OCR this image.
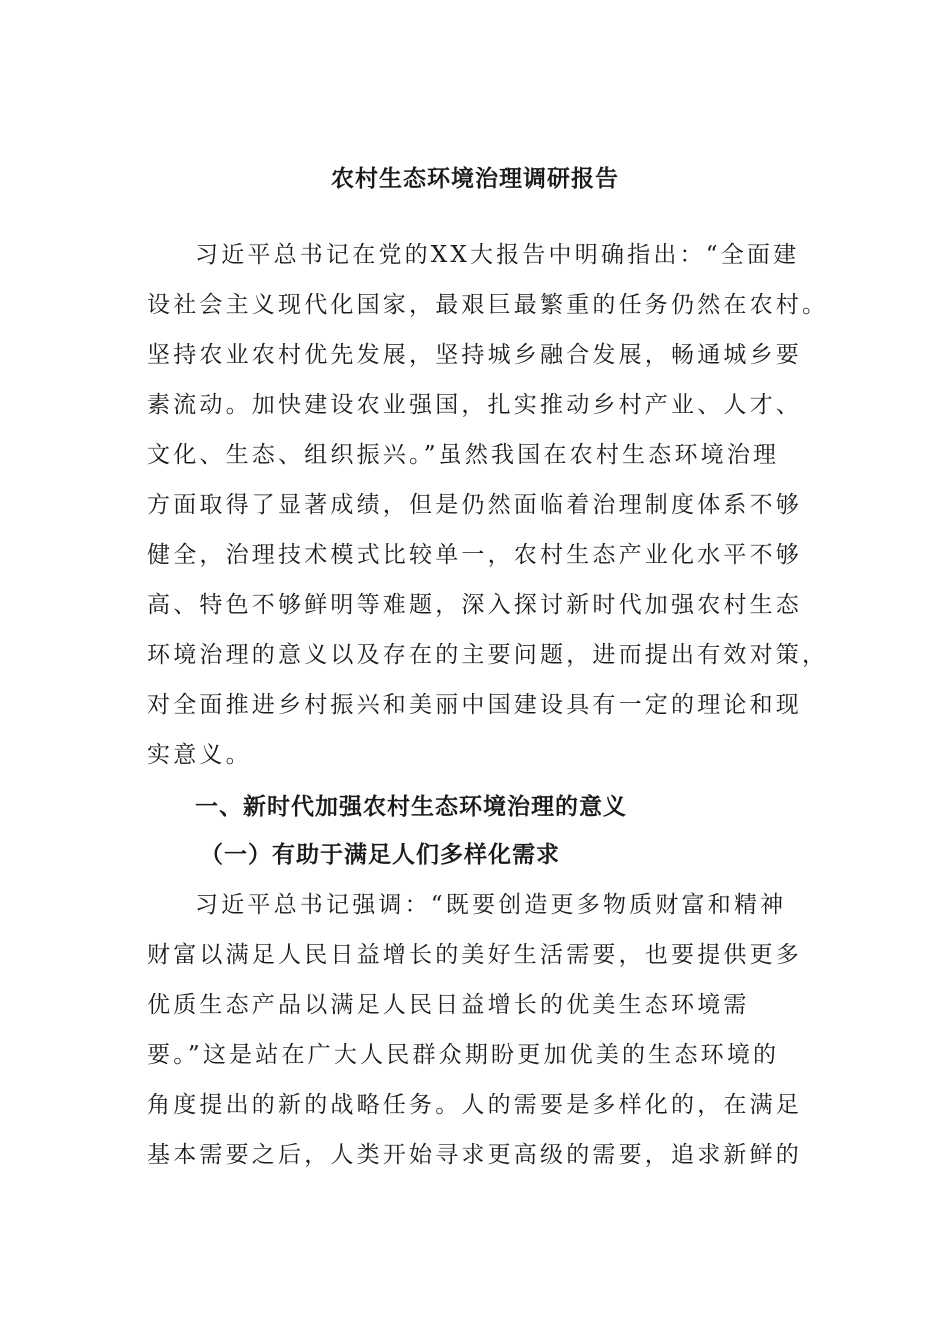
农村生态环境治理调研报告
习近平总书记在党的XX大报告中明确指出：“全面建
设社会主义现代化国家，最艰巨最繁重的任务仍然在农村。
坚持农业农村优先发展，坚持城乡融合发展，畅通城乡要
素流动。加快建设农业强国，扎实推动乡村产业、人才、
文化、生态、组织振兴。”虽然我国在农村生态环境治理
方面取得了显著成绩，但是仍然面临着治理制度体系不够
健全，治理技术模式比较单一，农村生态产业化水平不够
高、特色不够鲜明等难题，深入探讨新时代加强农村生态
环境治理的意义以及存在的主要问题，进而提出有效对策，
对全面推进乡村振兴和美丽中国建设具有一定的理论和现
实意义。
一、新时代加强农村生态环境治理的意义
（一）有助于满足人们多样化需求
习近平总书记强调：“既要创造更多物质财富和精神
财富以满足人民日益增长的美好生活需要，也要提供更多
优质生态产品以满足人民日益增长的优美生态环境需
要。”这是站在广大人民群众期盼更加优美的生态环境的
角度提出的新的战略任务。人的需要是多样化的，在满足
基本需要之后，人类开始寻求更高级的需要，追求新鲜的
